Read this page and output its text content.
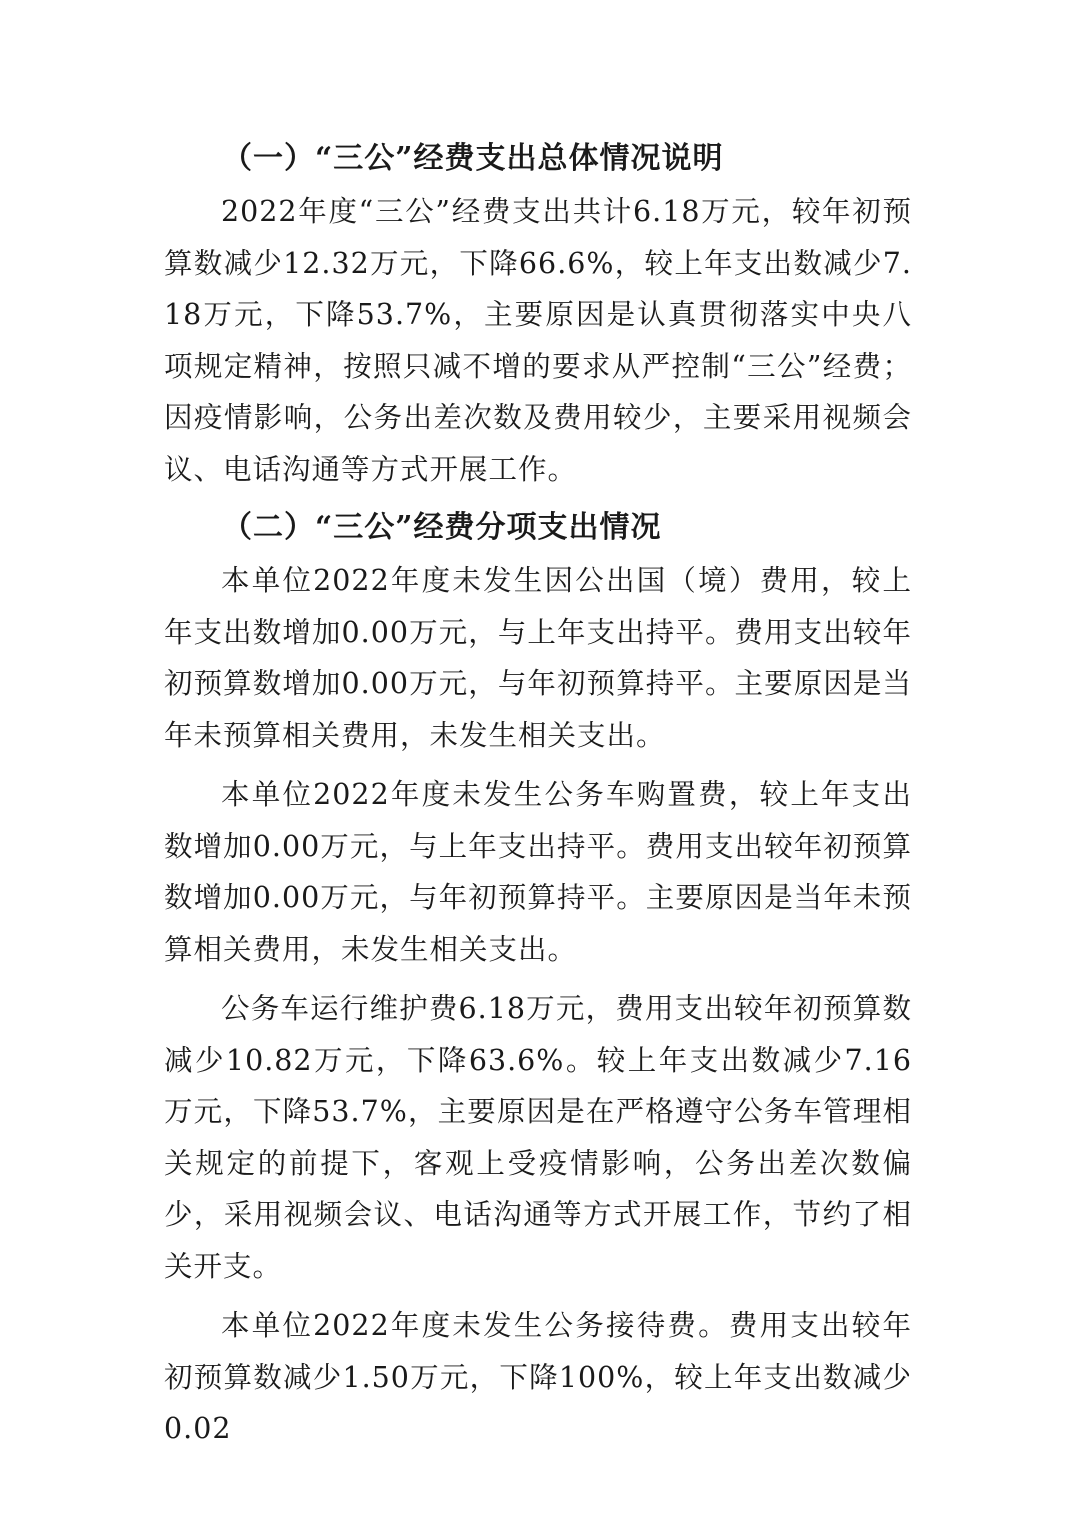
（一）“三公”经费支出总体情况说明

2022年度“三公”经费支出共计6.18万元，较年初预算数减少12.32万元，下降66.6%，较上年支出数减少7.18万元，下降53.7%，主要原因是认真贯彻落实中央八项规定精神，按照只减不增的要求从严控制“三公”经费；因疫情影响，公务出差次数及费用较少，主要采用视频会议、电话沟通等方式开展工作。

（二）“三公”经费分项支出情况

本单位2022年度未发生因公出国（境）费用，较上年支出数增加0.00万元，与上年支出持平。费用支出较年初预算数增加0.00万元，与年初预算持平。主要原因是当年未预算相关费用，未发生相关支出。

本单位2022年度未发生公务车购置费，较上年支出数增加0.00万元，与上年支出持平。费用支出较年初预算数增加0.00万元，与年初预算持平。主要原因是当年未预算相关费用，未发生相关支出。

公务车运行维护费6.18万元，费用支出较年初预算数减少10.82万元，下降63.6%。较上年支出数减少7.16万元，下降53.7%，主要原因是在严格遵守公务车管理相关规定的前提下，客观上受疫情影响，公务出差次数偏少，采用视频会议、电话沟通等方式开展工作，节约了相关开支。

本单位2022年度未发生公务接待费。费用支出较年初预算数减少1.50万元，下降100%，较上年支出数减少0.02
